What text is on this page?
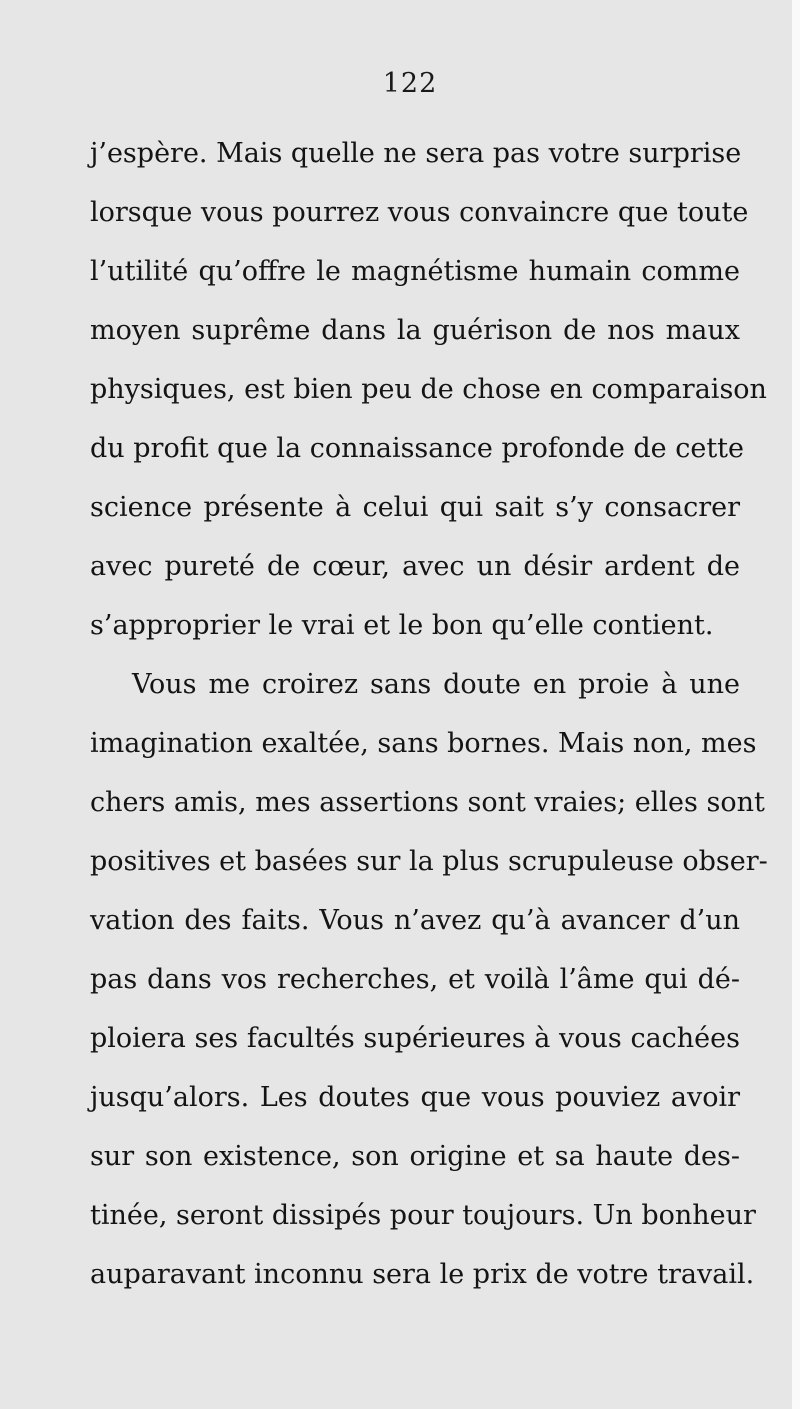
122
j’espère. Mais quelle ne sera pas votre surprise
lorsque vous pourrez vous convaincre que toute
l’utilité qu’offre le magnétisme humain comme
moyen suprême dans la guérison de nos maux
physiques, est bien peu de chose en comparaison
du profit que la connaissance profonde de cette
science présente à celui qui sait s’y consacrer
avec pureté de cœur, avec un désir ardent de
s’approprier le vrai et le bon qu’elle contient.
Vous me croirez sans doute en proie à une
imagination exaltée, sans bornes. Mais non, mes
chers amis, mes assertions sont vraies; elles sont
positives et basées sur la plus scrupuleuse obser-
vation des faits. Vous n’avez qu’à avancer d’un
pas dans vos recherches, et voilà l’âme qui dé-
ploiera ses facultés supérieures à vous cachées
jusqu’alors. Les doutes que vous pouviez avoir
sur son existence, son origine et sa haute des-
tinée, seront dissipés pour toujours. Un bonheur
auparavant inconnu sera le prix de votre travail.
